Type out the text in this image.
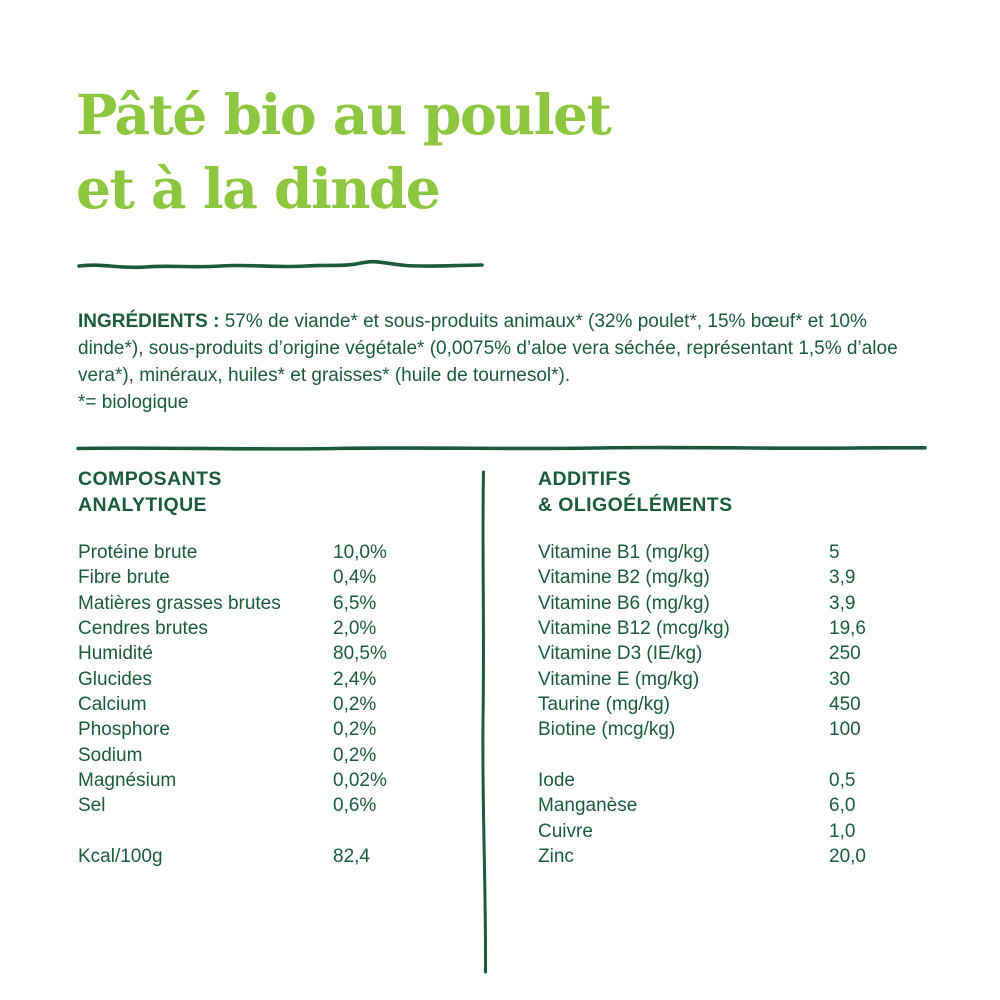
Pâté bio au poulet
et à la dinde
INGRÉDIENTS : 57% de viande* et sous-produits animaux* (32% poulet*, 15% bœuf* et 10% dinde*), sous-produits d’origine végétale* (0,0075% d’aloe vera séchée, représentant 1,5% d’aloe vera*), minéraux, huiles* et graisses* (huile de tournesol*).
*= biologique
COMPOSANTS
ANALYTIQUE
ADDITIFS
& OLIGOÉLÉMENTS
Protéine brute	10,0%
Fibre brute	0,4%
Matières grasses brutes	6,5%
Cendres brutes	2,0%
Humidité	80,5%
Glucides	2,4%
Calcium	0,2%
Phosphore	0,2%
Sodium	0,2%
Magnésium	0,02%
Sel	0,6%
Kcal/100g	82,4
Vitamine B1 (mg/kg)	5
Vitamine B2 (mg/kg)	3,9
Vitamine B6 (mg/kg)	3,9
Vitamine B12 (mcg/kg)	19,6
Vitamine D3 (IE/kg)	250
Vitamine E (mg/kg)	30
Taurine (mg/kg)	450
Biotine (mcg/kg)	100
Iode	0,5
Manganèse	6,0
Cuivre	1,0
Zinc	20,0
